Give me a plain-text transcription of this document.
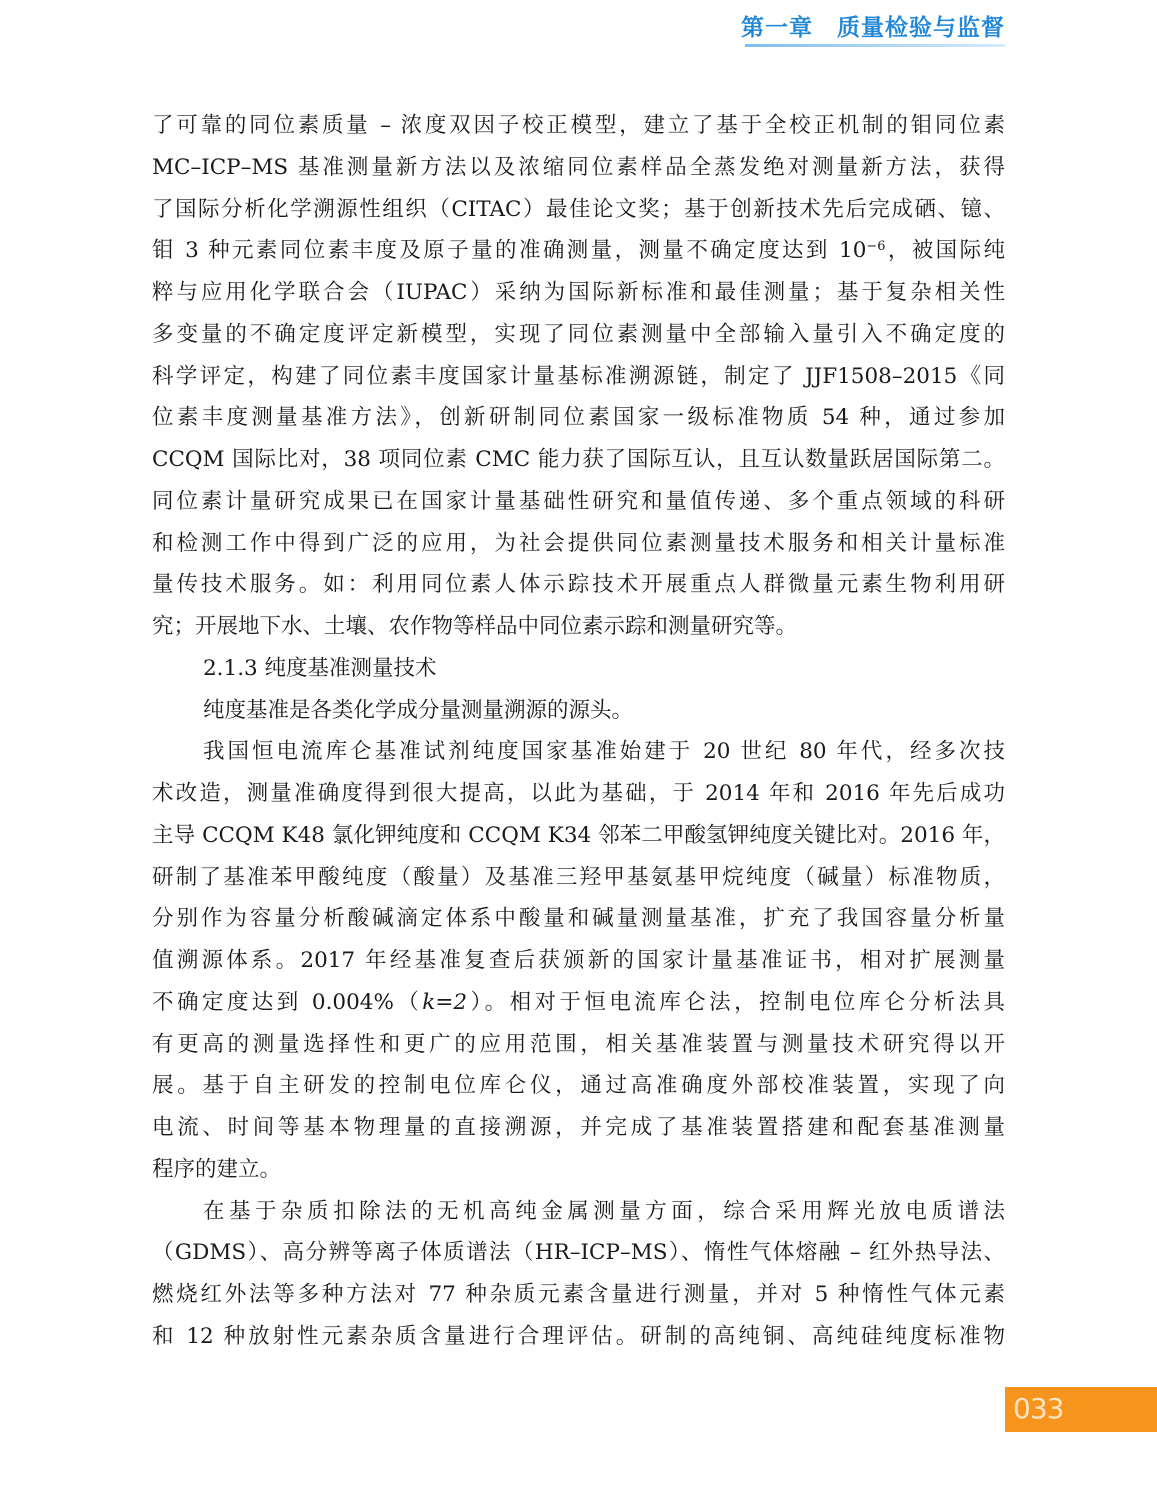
第一章　质量检验与监督
了可靠的同位素质量 – 浓度双因子校正模型，建立了基于全校正机制的钼同位素
MC–ICP–MS 基准测量新方法以及浓缩同位素样品全蒸发绝对测量新方法，获得
了国际分析化学溯源性组织（CITAC）最佳论文奖；基于创新技术先后完成硒、镱、
钼 3 种元素同位素丰度及原子量的准确测量，测量不确定度达到 $10^{-6}$，被国际纯
粹与应用化学联合会（IUPAC）采纳为国际新标准和最佳测量；基于复杂相关性
多变量的不确定度评定新模型，实现了同位素测量中全部输入量引入不确定度的
科学评定，构建了同位素丰度国家计量基标准溯源链，制定了 JJF1508–2015《同
位素丰度测量基准方法》，创新研制同位素国家一级标准物质 54 种，通过参加
CCQM 国际比对，38 项同位素 CMC 能力获了国际互认，且互认数量跃居国际第二。
同位素计量研究成果已在国家计量基础性研究和量值传递、多个重点领域的科研
和检测工作中得到广泛的应用，为社会提供同位素测量技术服务和相关计量标准
量传技术服务。如：利用同位素人体示踪技术开展重点人群微量元素生物利用研
究；开展地下水、土壤、农作物等样品中同位素示踪和测量研究等。
2.1.3 纯度基准测量技术
纯度基准是各类化学成分量测量溯源的源头。
我国恒电流库仑基准试剂纯度国家基准始建于 20 世纪 80 年代，经多次技
术改造，测量准确度得到很大提高，以此为基础，于 2014 年和 2016 年先后成功
主导 CCQM K48 氯化钾纯度和 CCQM K34 邻苯二甲酸氢钾纯度关键比对。2016 年，
研制了基准苯甲酸纯度（酸量）及基准三羟甲基氨基甲烷纯度（碱量）标准物质，
分别作为容量分析酸碱滴定体系中酸量和碱量测量基准，扩充了我国容量分析量
值溯源体系。2017 年经基准复查后获颁新的国家计量基准证书，相对扩展测量
不确定度达到 0.004%（k=2）。相对于恒电流库仑法，控制电位库仑分析法具
有更高的测量选择性和更广的应用范围，相关基准装置与测量技术研究得以开
展。基于自主研发的控制电位库仑仪，通过高准确度外部校准装置，实现了向
电流、时间等基本物理量的直接溯源，并完成了基准装置搭建和配套基准测量
程序的建立。
在基于杂质扣除法的无机高纯金属测量方面，综合采用辉光放电质谱法
（GDMS）、高分辨等离子体质谱法（HR–ICP–MS）、惰性气体熔融 – 红外热导法、
燃烧红外法等多种方法对 77 种杂质元素含量进行测量，并对 5 种惰性气体元素
和 12 种放射性元素杂质含量进行合理评估。研制的高纯铜、高纯硅纯度标准物
033
